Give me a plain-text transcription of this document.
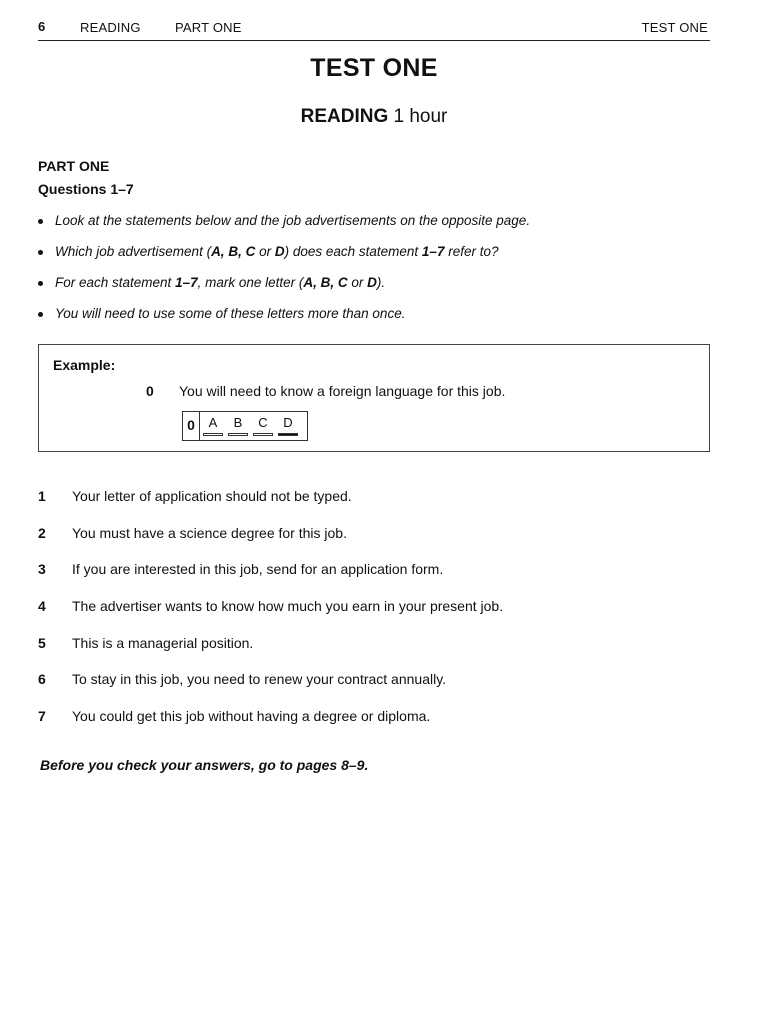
6	READING	PART ONE	TEST ONE
TEST ONE
READING 1 hour
PART ONE
Questions 1–7
Look at the statements below and the job advertisements on the opposite page.
Which job advertisement (A, B, C or D) does each statement 1–7 refer to?
For each statement 1–7, mark one letter (A, B, C or D).
You will need to use some of these letters more than once.
Example:
0 You will need to know a foreign language for this job.
0	A	B	C	D
1	Your letter of application should not be typed.
2	You must have a science degree for this job.
3	If you are interested in this job, send for an application form.
4	The advertiser wants to know how much you earn in your present job.
5	This is a managerial position.
6	To stay in this job, you need to renew your contract annually.
7	You could get this job without having a degree or diploma.
Before you check your answers, go to pages 8–9.
